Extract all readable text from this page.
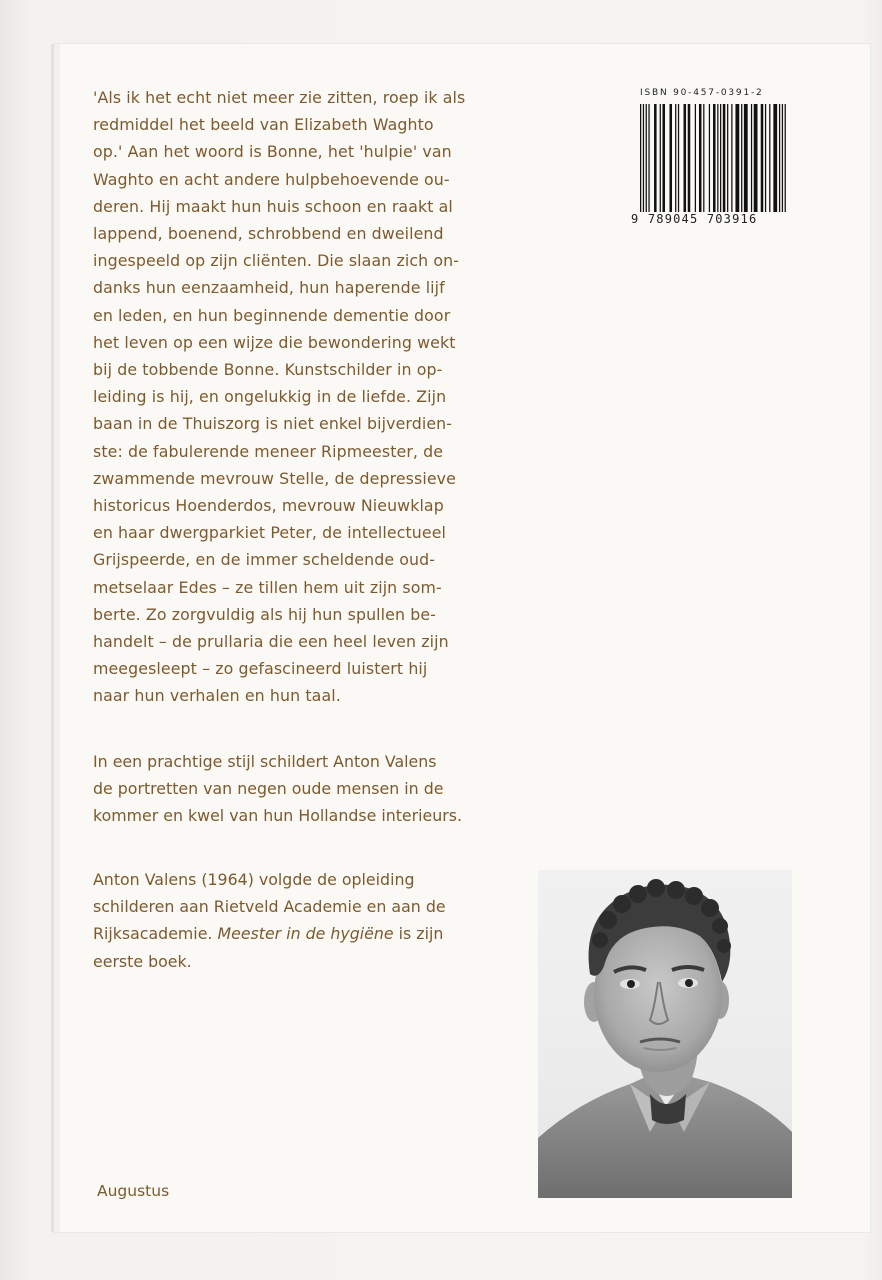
'Als ik het echt niet meer zie zitten, roep ik als
redmiddel het beeld van Elizabeth Waghto
op.' Aan het woord is Bonne, het 'hulpie' van
Waghto en acht andere hulpbehoevende ou-
deren. Hij maakt hun huis schoon en raakt al
lappend, boenend, schrobbend en dweilend
ingespeeld op zijn cliënten. Die slaan zich on-
danks hun eenzaamheid, hun haperende lijf
en leden, en hun beginnende dementie door
het leven op een wijze die bewondering wekt
bij de tobbende Bonne. Kunstschilder in op-
leiding is hij, en ongelukkig in de liefde. Zijn
baan in de Thuiszorg is niet enkel bijverdien-
ste: de fabulerende meneer Ripmeester, de
zwammende mevrouw Stelle, de depressieve
historicus Hoenderdos, mevrouw Nieuwklap
en haar dwergparkiet Peter, de intellectueel
Grijspeerde, en de immer scheldende oud-
metselaar Edes – ze tillen hem uit zijn som-
berte. Zo zorgvuldig als hij hun spullen be-
handelt – de prullaria die een heel leven zijn
meegesleept – zo gefascineerd luistert hij
naar hun verhalen en hun taal.

In een prachtige stijl schildert Anton Valens
de portretten van negen oude mensen in de
kommer en kwel van hun Hollandse interieurs.

Anton Valens (1964) volgde de opleiding
schilderen aan Rietveld Academie en aan de
Rijksacademie. Meester in de hygiëne is zijn
eerste boek.

Augustus
ISBN 90-457-0391-2
9 789045 703916
